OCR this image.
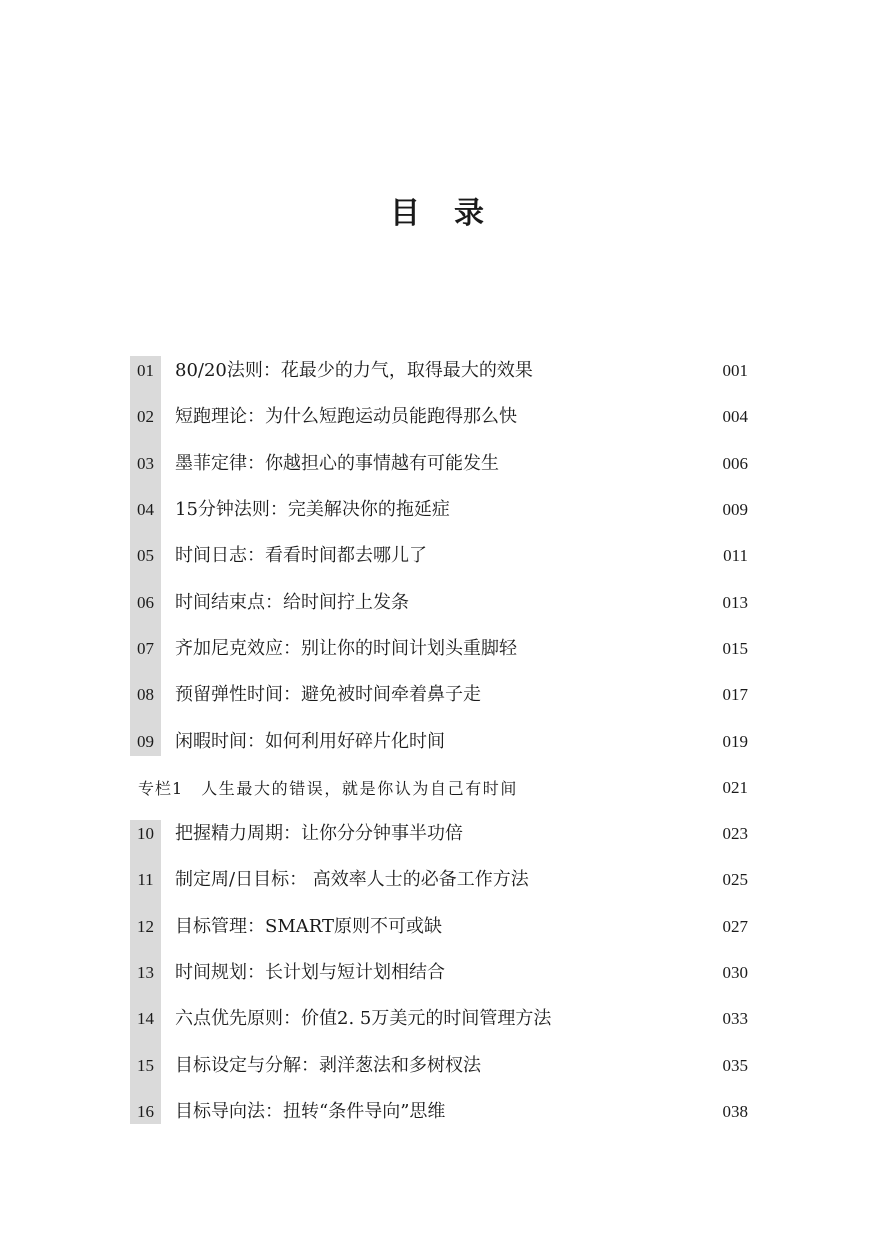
目录
01	80/20法则：花最少的力气，取得最大的效果	001
02	短跑理论：为什么短跑运动员能跑得那么快	004
03	墨菲定律：你越担心的事情越有可能发生	006
04	15分钟法则：完美解决你的拖延症	009
05	时间日志：看看时间都去哪儿了	011
06	时间结束点：给时间拧上发条	013
07	齐加尼克效应：别让你的时间计划头重脚轻	015
08	预留弹性时间：避免被时间牵着鼻子走	017
09	闲暇时间：如何利用好碎片化时间	019
专栏1 人生最大的错误，就是你认为自己有时间	021
10	把握精力周期：让你分分钟事半功倍	023
11	制定周/日目标： 高效率人士的必备工作方法	025
12	目标管理：SMART原则不可或缺	027
13	时间规划：长计划与短计划相结合	030
14	六点优先原则：价值2. 5万美元的时间管理方法	033
15	目标设定与分解：剥洋葱法和多树杈法	035
16	目标导向法：扭转“条件导向”思维	038
